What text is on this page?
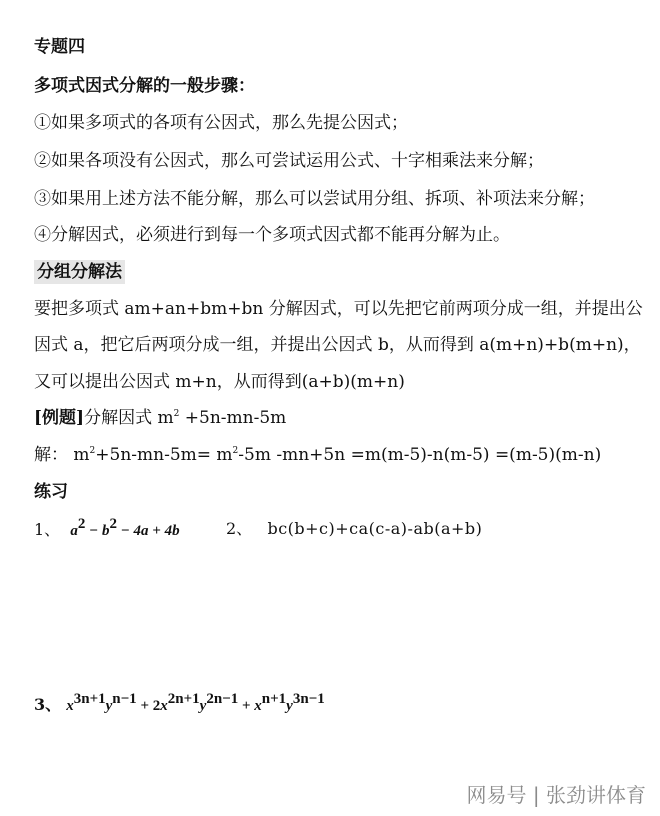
专题四
多项式因式分解的一般步骤：
①如果多项式的各项有公因式，那么先提公因式；
②如果各项没有公因式，那么可尝试运用公式、十字相乘法来分解；
③如果用上述方法不能分解，那么可以尝试用分组、拆项、补项法来分解；
④分解因式，必须进行到每一个多项式因式都不能再分解为止。
分组分解法
要把多项式 am+an+bm+bn 分解因式，可以先把它前两项分成一组，并提出公
因式 a，把它后两项分成一组，并提出公因式 b，从而得到 a(m+n)+b(m+n)，
又可以提出公因式 m+n，从而得到(a+b)(m+n)
[例题]分解因式 $m^2 +5n-mn-5m$
解： $m^2+5n-mn-5m= m^2-5m$ -mn+5n =m(m-5)-n(m-5) =(m-5)(m-n)
练习
1、 $a^2 - b^2 - 4a + 4b$	2、 bc(b+c)+ca(c-a)-ab(a+b)
3、 $x^{3n+1}y^{n-1} + 2x^{2n+1}y^{2n-1} + x^{n+1}y^{3n-1}$
网易号 | 张劲讲体育
